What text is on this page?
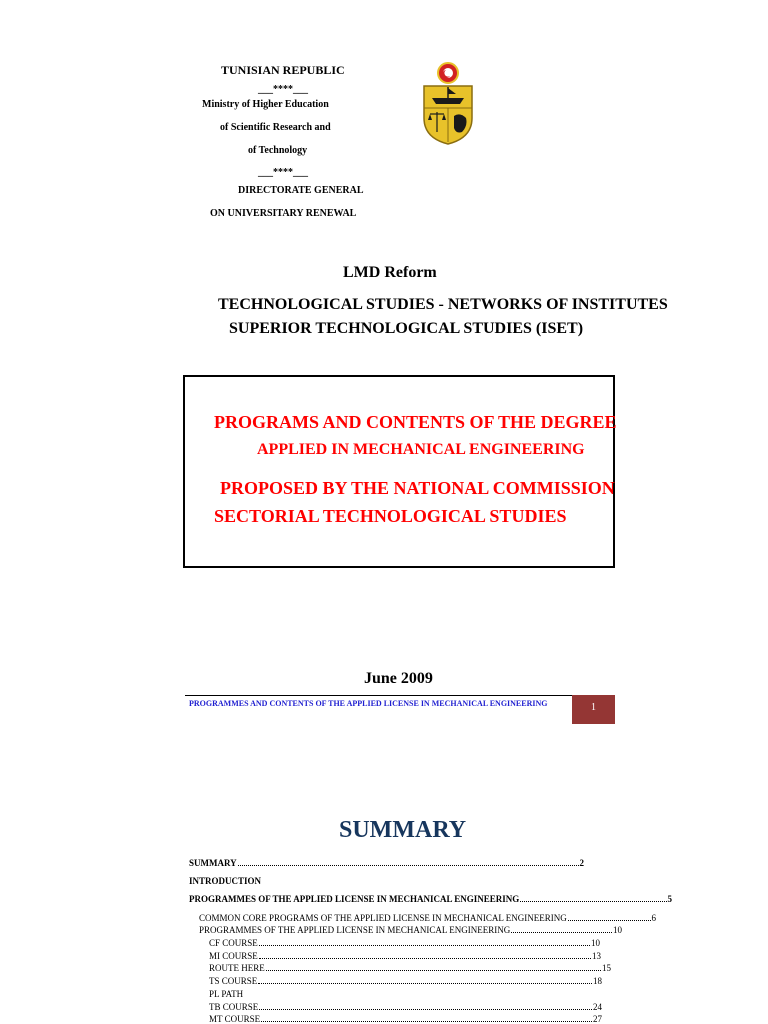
TUNISIAN REPUBLIC
___****___
Ministry of Higher Education
of Scientific Research and
of Technology
___****___
DIRECTORATE GENERAL
ON UNIVERSITARY RENEWAL
LMD Reform
TECHNOLOGICAL STUDIES - NETWORKS OF INSTITUTES
SUPERIOR TECHNOLOGICAL STUDIES (ISET)
PROGRAMS AND CONTENTS OF THE DEGREE
APPLIED IN MECHANICAL ENGINEERING
PROPOSED BY THE NATIONAL COMMISSION
SECTORIAL TECHNOLOGICAL STUDIES
June 2009
PROGRAMMES AND CONTENTS OF THE APPLIED LICENSE IN MECHANICAL ENGINEERING	1
SUMMARY
SUMMARY	2
INTRODUCTION
PROGRAMMES OF THE APPLIED LICENSE IN MECHANICAL ENGINEERING	5
COMMON CORE PROGRAMS OF THE APPLIED LICENSE IN MECHANICAL ENGINEERING	6
PROGRAMMES OF THE APPLIED LICENSE IN MECHANICAL ENGINEERING	10
CF COURSE	10
MI COURSE	13
ROUTE HERE	15
TS COURSE	18
PL PATH
TB COURSE	24
MT COURSE	27
